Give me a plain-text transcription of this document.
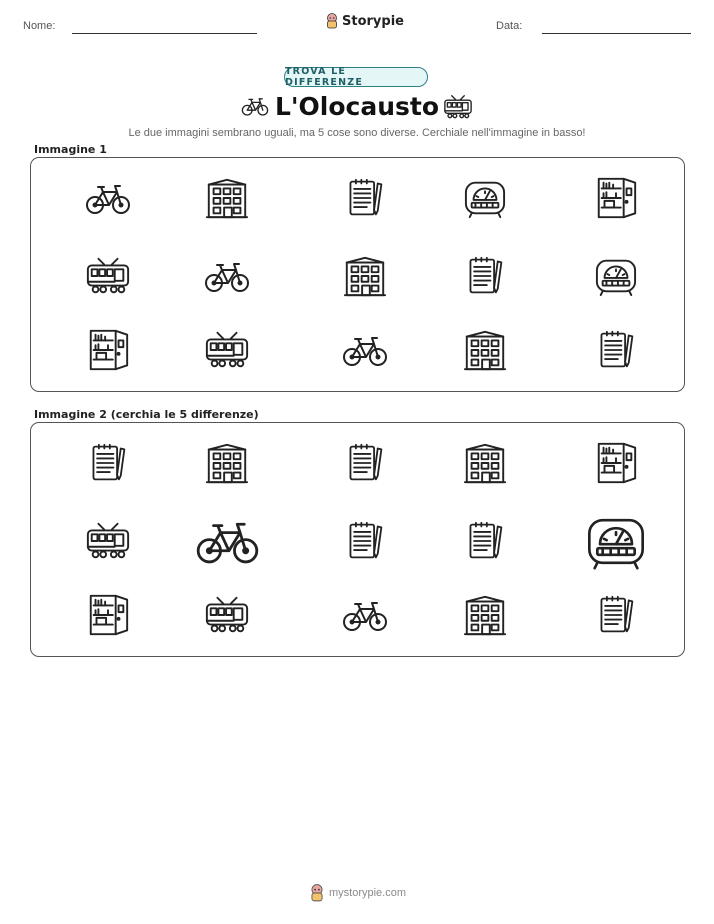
Nome:	Storypie	Data:
TROVA LE DIFFERENZE
L'Olocausto
Le due immagini sembrano uguali, ma 5 cose sono diverse. Cerchiale nell'immagine in basso!
Immagine 1
Immagine 2 (cerchia le 5 differenze)
mystorypie.com
